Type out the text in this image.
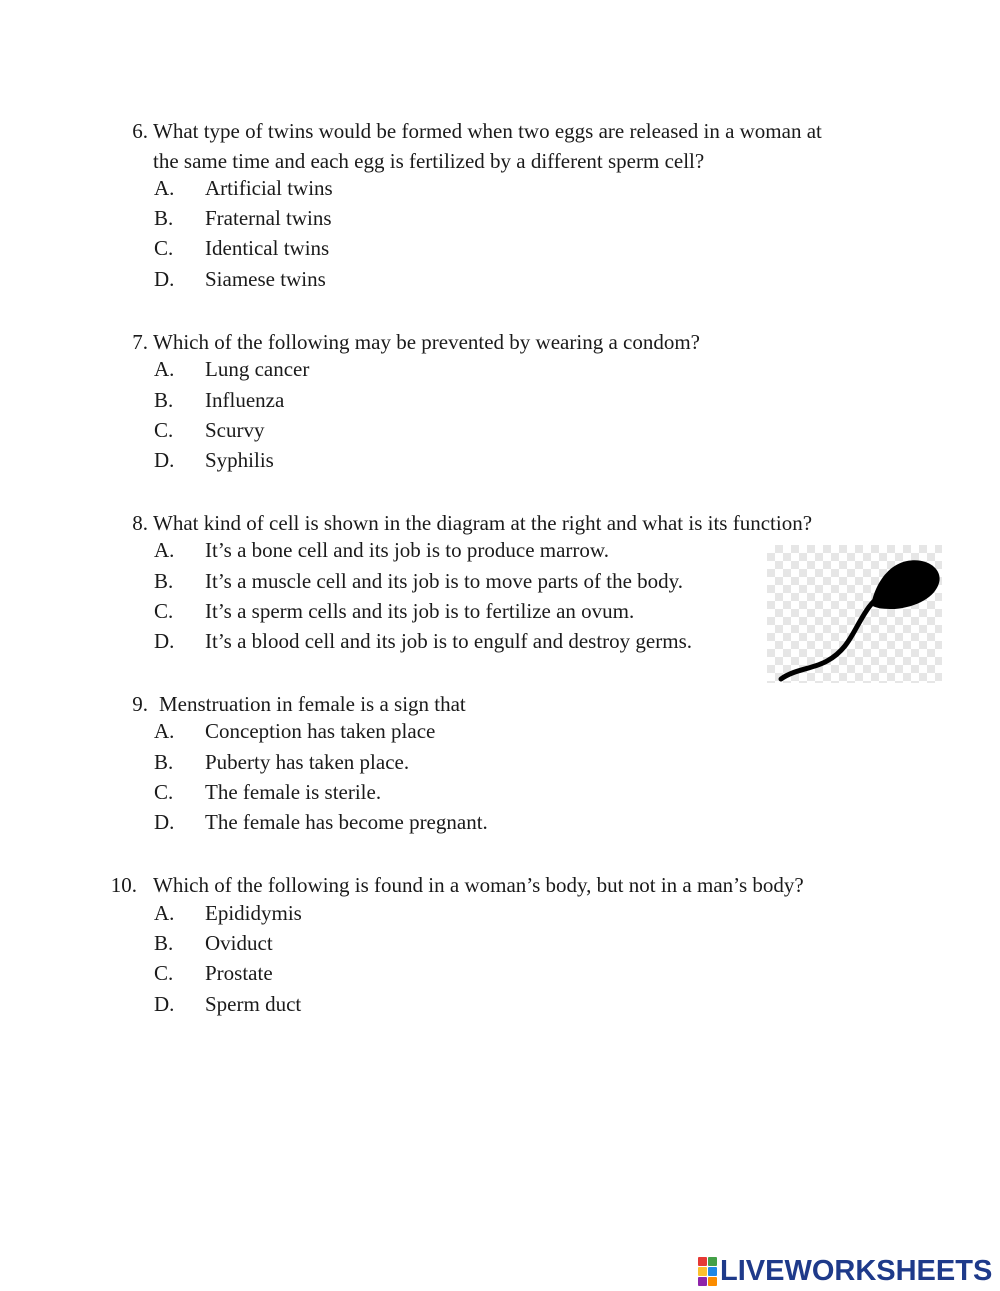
6. What type of twins would be formed when two eggs are released in a woman at
the same time and each egg is fertilized by a different sperm cell?
A. Artificial twins
B. Fraternal twins
C. Identical twins
D. Siamese twins
7. Which of the following may be prevented by wearing a condom?
A. Lung cancer
B. Influenza
C. Scurvy
D. Syphilis
8. What kind of cell is shown in the diagram at the right and what is its function?
A. It’s a bone cell and its job is to produce marrow.
B. It’s a muscle cell and its job is to move parts of the body.
C. It’s a sperm cells and its job is to fertilize an ovum.
D. It’s a blood cell and its job is to engulf and destroy germs.
9. Menstruation in female is a sign that
A. Conception has taken place
B. Puberty has taken place.
C. The female is sterile.
D. The female has become pregnant.
10. Which of the following is found in a woman’s body, but not in a man’s body?
A. Epididymis
B. Oviduct
C. Prostate
D. Sperm duct
LIVEWORKSHEETS
